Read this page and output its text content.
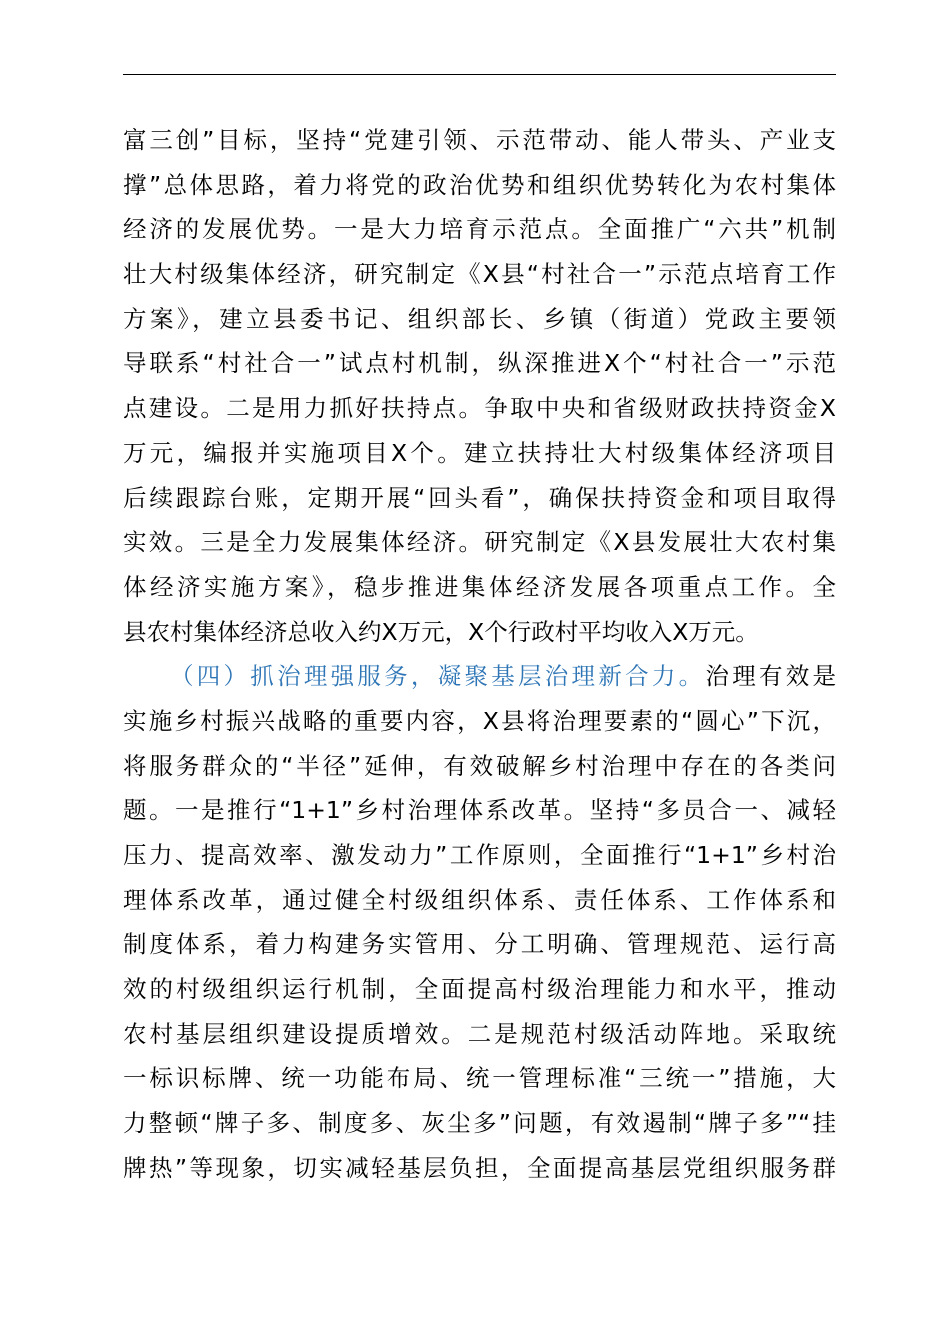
富三创”目标，坚持“党建引领、示范带动、能人带头、产业支
撑”总体思路，着力将党的政治优势和组织优势转化为农村集体
经济的发展优势。一是大力培育示范点。全面推广“六共”机制
壮大村级集体经济，研究制定《X县“村社合一”示范点培育工作
方案》，建立县委书记、组织部长、乡镇（街道）党政主要领
导联系“村社合一”试点村机制，纵深推进X个“村社合一”示范
点建设。二是用力抓好扶持点。争取中央和省级财政扶持资金X
万元，编报并实施项目X个。建立扶持壮大村级集体经济项目
后续跟踪台账，定期开展“回头看”，确保扶持资金和项目取得
实效。三是全力发展集体经济。研究制定《X县发展壮大农村集
体经济实施方案》，稳步推进集体经济发展各项重点工作。全
县农村集体经济总收入约X万元，X个行政村平均收入X万元。
（四）抓治理强服务，凝聚基层治理新合力。治理有效是
实施乡村振兴战略的重要内容，X县将治理要素的“圆心”下沉，
将服务群众的“半径”延伸，有效破解乡村治理中存在的各类问
题。一是推行“1+1”乡村治理体系改革。坚持“多员合一、减轻
压力、提高效率、激发动力”工作原则，全面推行“1+1”乡村治
理体系改革，通过健全村级组织体系、责任体系、工作体系和
制度体系，着力构建务实管用、分工明确、管理规范、运行高
效的村级组织运行机制，全面提高村级治理能力和水平，推动
农村基层组织建设提质增效。二是规范村级活动阵地。采取统
一标识标牌、统一功能布局、统一管理标准“三统一”措施，大
力整顿“牌子多、制度多、灰尘多”问题，有效遏制“牌子多”“挂
牌热”等现象，切实减轻基层负担，全面提高基层党组织服务群
